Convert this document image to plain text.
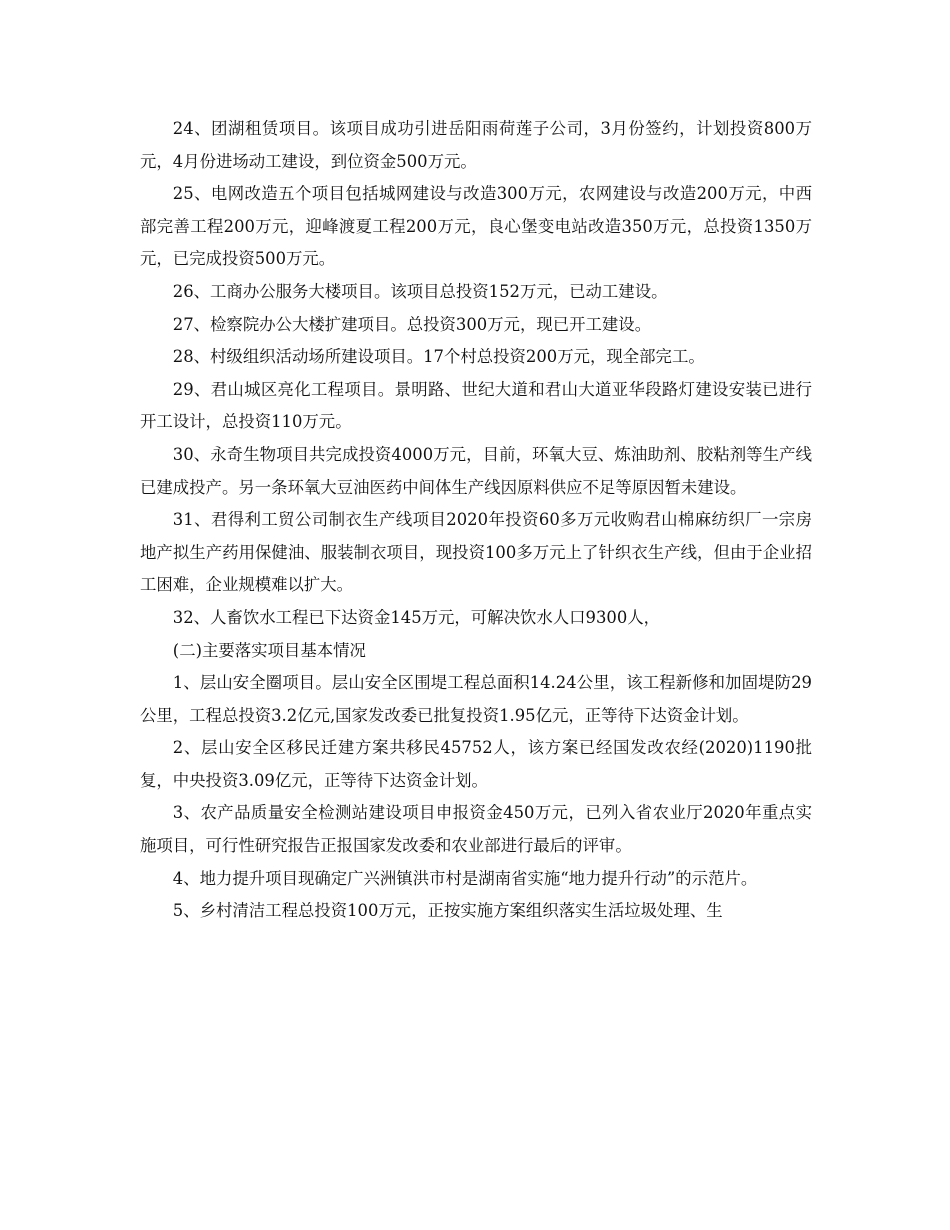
24、团湖租赁项目。该项目成功引进岳阳雨荷莲子公司，3月份签约，计划投资800万元，4月份进场动工建设，到位资金500万元。

25、电网改造五个项目包括城网建设与改造300万元，农网建设与改造200万元，中西部完善工程200万元，迎峰渡夏工程200万元，良心堡变电站改造350万元，总投资1350万元，已完成投资500万元。

26、工商办公服务大楼项目。该项目总投资152万元，已动工建设。

27、检察院办公大楼扩建项目。总投资300万元，现已开工建设。

28、村级组织活动场所建设项目。17个村总投资200万元，现全部完工。

29、君山城区亮化工程项目。景明路、世纪大道和君山大道亚华段路灯建设安装已进行开工设计，总投资110万元。

30、永奇生物项目共完成投资4000万元，目前，环氧大豆、炼油助剂、胶粘剂等生产线已建成投产。另一条环氧大豆油医药中间体生产线因原料供应不足等原因暂未建设。

31、君得利工贸公司制衣生产线项目2020年投资60多万元收购君山棉麻纺织厂一宗房地产拟生产药用保健油、服装制衣项目，现投资100多万元上了针织衣生产线，但由于企业招工困难，企业规模难以扩大。

32、人畜饮水工程已下达资金145万元，可解决饮水人口9300人，

(二)主要落实项目基本情况

1、层山安全圈项目。层山安全区围堤工程总面积14.24公里，该工程新修和加固堤防29公里，工程总投资3.2亿元,国家发改委已批复投资1.95亿元，正等待下达资金计划。

2、层山安全区移民迁建方案共移民45752人，该方案已经国发改农经(2020)1190批复，中央投资3.09亿元，正等待下达资金计划。

3、农产品质量安全检测站建设项目申报资金450万元，已列入省农业厅2020年重点实施项目，可行性研究报告正报国家发改委和农业部进行最后的评审。

4、地力提升项目现确定广兴洲镇洪市村是湖南省实施“地力提升行动”的示范片。

5、乡村清洁工程总投资100万元，正按实施方案组织落实生活垃圾处理、生
